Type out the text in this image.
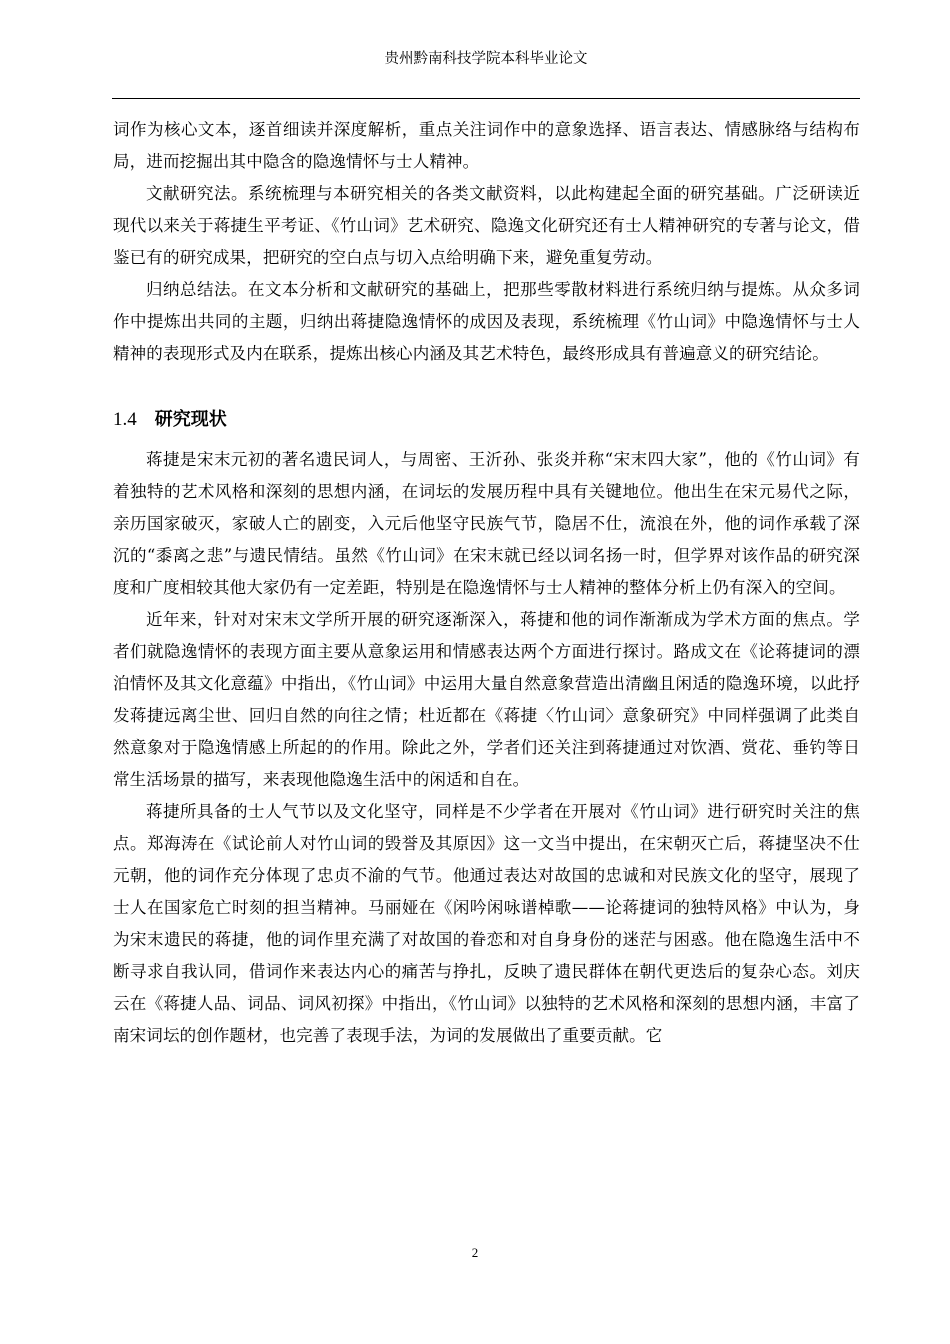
贵州黔南科技学院本科毕业论文

词作为核心文本，逐首细读并深度解析，重点关注词作中的意象选择、语言表达、情感脉络与结构布局，进而挖掘出其中隐含的隐逸情怀与士人精神。

文献研究法。系统梳理与本研究相关的各类文献资料，以此构建起全面的研究基础。广泛研读近现代以来关于蒋捷生平考证、《竹山词》艺术研究、隐逸文化研究还有士人精神研究的专著与论文，借鉴已有的研究成果，把研究的空白点与切入点给明确下来，避免重复劳动。

归纳总结法。在文本分析和文献研究的基础上，把那些零散材料进行系统归纳与提炼。从众多词作中提炼出共同的主题，归纳出蒋捷隐逸情怀的成因及表现，系统梳理《竹山词》中隐逸情怀与士人精神的表现形式及内在联系，提炼出核心内涵及其艺术特色，最终形成具有普遍意义的研究结论。

1.4 研究现状

蒋捷是宋末元初的著名遗民词人，与周密、王沂孙、张炎并称“宋末四大家”，他的《竹山词》有着独特的艺术风格和深刻的思想内涵，在词坛的发展历程中具有关键地位。他出生在宋元易代之际，亲历国家破灭，家破人亡的剧变，入元后他坚守民族气节，隐居不仕，流浪在外，他的词作承载了深沉的“黍离之悲”与遗民情结。虽然《竹山词》在宋末就已经以词名扬一时，但学界对该作品的研究深度和广度相较其他大家仍有一定差距，特别是在隐逸情怀与士人精神的整体分析上仍有深入的空间。

近年来，针对对宋末文学所开展的研究逐渐深入，蒋捷和他的词作渐渐成为学术方面的焦点。学者们就隐逸情怀的表现方面主要从意象运用和情感表达两个方面进行探讨。路成文在《论蒋捷词的漂泊情怀及其文化意蕴》中指出，《竹山词》中运用大量自然意象营造出清幽且闲适的隐逸环境，以此抒发蒋捷远离尘世、回归自然的向往之情；杜近都在《蒋捷〈竹山词〉意象研究》中同样强调了此类自然意象对于隐逸情感上所起的的作用。除此之外，学者们还关注到蒋捷通过对饮酒、赏花、垂钓等日常生活场景的描写，来表现他隐逸生活中的闲适和自在。

蒋捷所具备的士人气节以及文化坚守，同样是不少学者在开展对《竹山词》进行研究时关注的焦点。郑海涛在《试论前人对竹山词的毁誉及其原因》这一文当中提出，在宋朝灭亡后，蒋捷坚决不仕元朝，他的词作充分体现了忠贞不渝的气节。他通过表达对故国的忠诚和对民族文化的坚守，展现了士人在国家危亡时刻的担当精神。马丽娅在《闲吟闲咏谱棹歌——论蒋捷词的独特风格》中认为，身为宋末遗民的蒋捷，他的词作里充满了对故国的眷恋和对自身身份的迷茫与困惑。他在隐逸生活中不断寻求自我认同，借词作来表达内心的痛苦与挣扎，反映了遗民群体在朝代更迭后的复杂心态。刘庆云在《蒋捷人品、词品、词风初探》中指出，《竹山词》以独特的艺术风格和深刻的思想内涵，丰富了南宋词坛的创作题材，也完善了表现手法，为词的发展做出了重要贡献。它

2
